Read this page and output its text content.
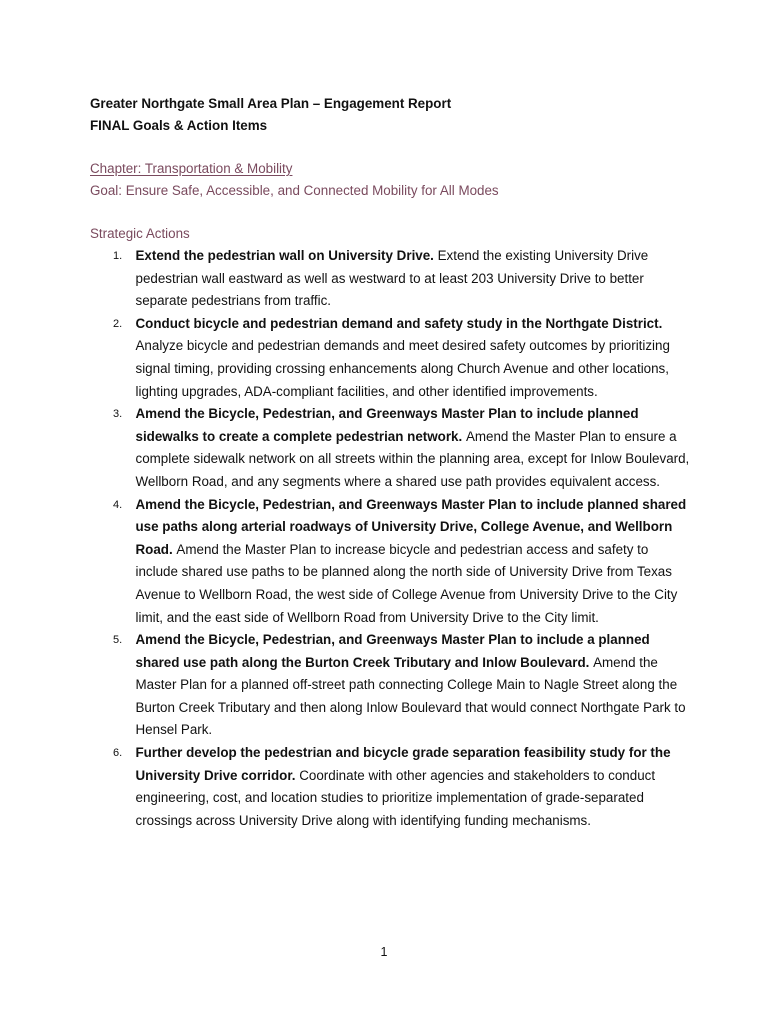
Greater Northgate Small Area Plan – Engagement Report
FINAL Goals & Action Items
Chapter: Transportation & Mobility
Goal: Ensure Safe, Accessible, and Connected Mobility for All Modes
Strategic Actions
1. Extend the pedestrian wall on University Drive. Extend the existing University Drive pedestrian wall eastward as well as westward to at least 203 University Drive to better separate pedestrians from traffic.
2. Conduct bicycle and pedestrian demand and safety study in the Northgate District. Analyze bicycle and pedestrian demands and meet desired safety outcomes by prioritizing signal timing, providing crossing enhancements along Church Avenue and other locations, lighting upgrades, ADA-compliant facilities, and other identified improvements.
3. Amend the Bicycle, Pedestrian, and Greenways Master Plan to include planned sidewalks to create a complete pedestrian network. Amend the Master Plan to ensure a complete sidewalk network on all streets within the planning area, except for Inlow Boulevard, Wellborn Road, and any segments where a shared use path provides equivalent access.
4. Amend the Bicycle, Pedestrian, and Greenways Master Plan to include planned shared use paths along arterial roadways of University Drive, College Avenue, and Wellborn Road. Amend the Master Plan to increase bicycle and pedestrian access and safety to include shared use paths to be planned along the north side of University Drive from Texas Avenue to Wellborn Road, the west side of College Avenue from University Drive to the City limit, and the east side of Wellborn Road from University Drive to the City limit.
5. Amend the Bicycle, Pedestrian, and Greenways Master Plan to include a planned shared use path along the Burton Creek Tributary and Inlow Boulevard. Amend the Master Plan for a planned off-street path connecting College Main to Nagle Street along the Burton Creek Tributary and then along Inlow Boulevard that would connect Northgate Park to Hensel Park.
6. Further develop the pedestrian and bicycle grade separation feasibility study for the University Drive corridor. Coordinate with other agencies and stakeholders to conduct engineering, cost, and location studies to prioritize implementation of grade-separated crossings across University Drive along with identifying funding mechanisms.
1
